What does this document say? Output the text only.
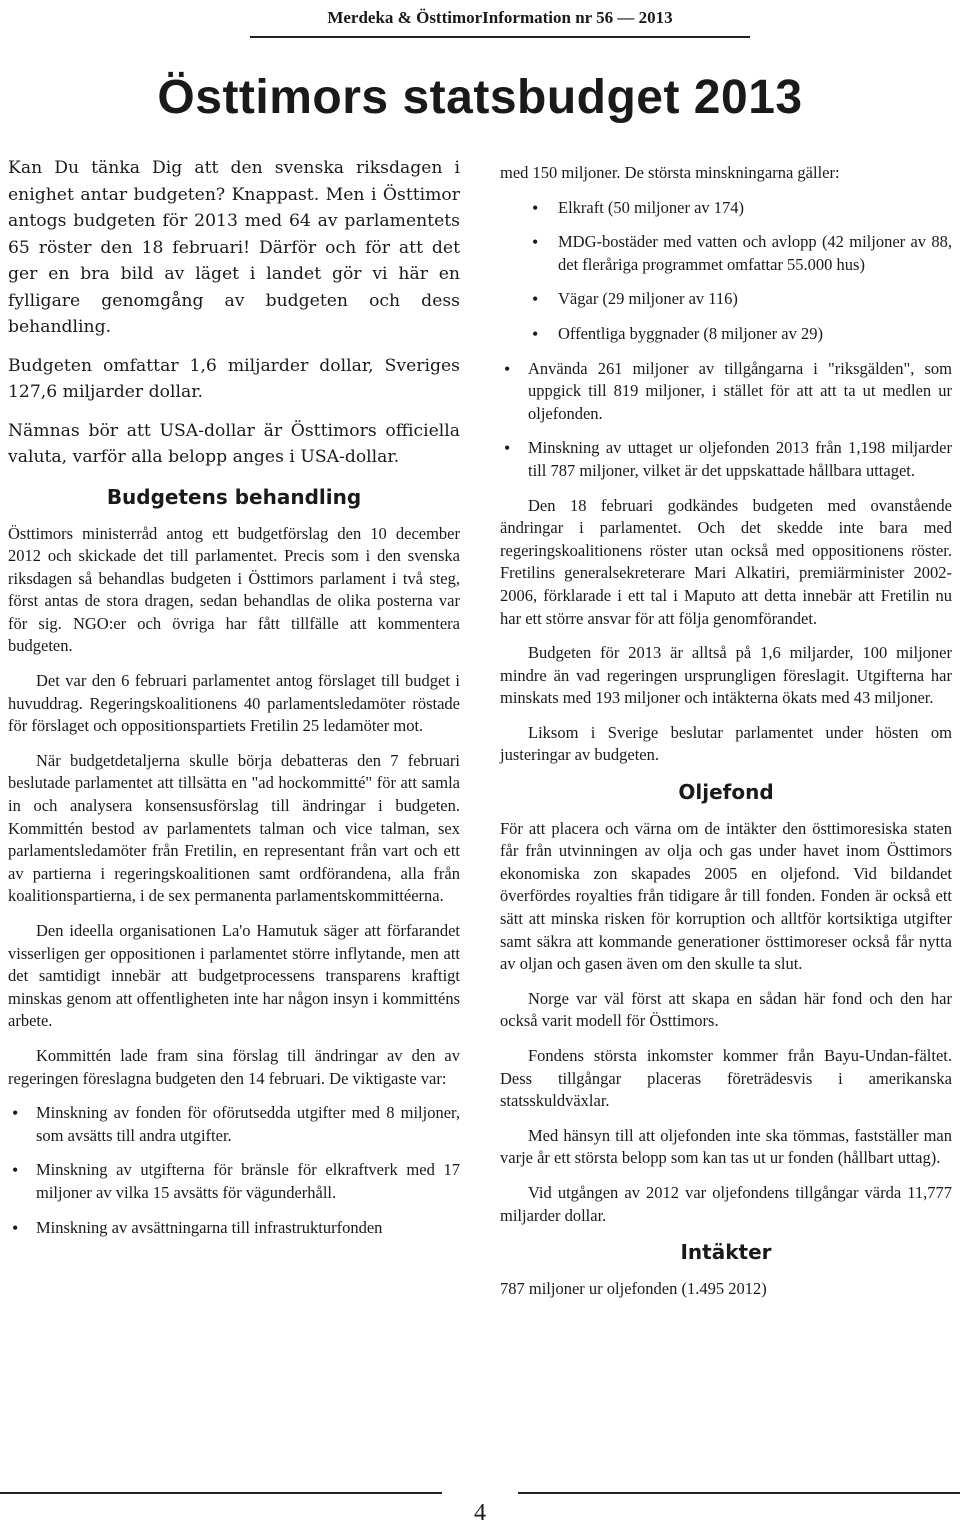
Merdeka & ÖsttimorInformation nr 56 — 2013
Östtimors statsbudget 2013

Kan Du tänka Dig att den svenska riksdagen i enighet antar budgeten? Knappast. Men i Östtimor antogs budgeten för 2013 med 64 av parlamentets 65 röster den 18 februari! Därför och för att det ger en bra bild av läget i landet gör vi här en fylligare genomgång av budgeten och dess behandling.

Budgeten omfattar 1,6 miljarder dollar, Sveriges 127,6 miljarder dollar.

Nämnas bör att USA-dollar är Östtimors officiella valuta, varför alla belopp anges i USA-dollar.

Budgetens behandling

Östtimors ministerråd antog ett budgetförslag den 10 december 2012 och skickade det till parlamentet. Precis som i den svenska riksdagen så behandlas budgeten i Östtimors parlament i två steg, först antas de stora dragen, sedan behandlas de olika posterna var för sig. NGO:er och övriga har fått tillfälle att kommentera budgeten.

Det var den 6 februari parlamentet antog förslaget till budget i huvuddrag. Regeringskoalitionens 40 parlamentsledamöter röstade för förslaget och oppositionspartiets Fretilin 25 ledamöter mot.

När budgetdetaljerna skulle börja debatteras den 7 februari beslutade parlamentet att tillsätta en "ad hockommitté" för att samla in och analysera konsensusförslag till ändringar i budgeten. Kommittén bestod av parlamentets talman och vice talman, sex parlamentsledamöter från Fretilin, en representant från vart och ett av partierna i regeringskoalitionen samt ordförandena, alla från koalitionspartierna, i de sex permanenta parlamentskommittéerna.

Den ideella organisationen La'o Hamutuk säger att förfarandet visserligen ger oppositionen i parlamentet större inflytande, men att det samtidigt innebär att budgetprocessens transparens kraftigt minskas genom att offentligheten inte har någon insyn i kommitténs arbete.

Kommittén lade fram sina förslag till ändringar av den av regeringen föreslagna budgeten den 14 februari. De viktigaste var:

• Minskning av fonden för oförutsedda utgifter med 8 miljoner, som avsätts till andra utgifter.
• Minskning av utgifterna för bränsle för elkraftverk med 17 miljoner av vilka 15 avsätts för vägunderhåll.
• Minskning av avsättningarna till infrastrukturfonden

med 150 miljoner. De största minskningarna gäller:

• Elkraft (50 miljoner av 174)
• MDG-bostäder med vatten och avlopp (42 miljoner av 88, det fleråriga programmet omfattar 55.000 hus)
• Vägar (29 miljoner av 116)
• Offentliga byggnader (8 miljoner av 29)
• Använda 261 miljoner av tillgångarna i "riksgälden", som uppgick till 819 miljoner, i stället för att att ta ut medlen ur oljefonden.
• Minskning av uttaget ur oljefonden 2013 från 1,198 miljarder till 787 miljoner, vilket är det uppskattade hållbara uttaget.

Den 18 februari godkändes budgeten med ovanstående ändringar i parlamentet. Och det skedde inte bara med regeringskoalitionens röster utan också med oppositionens röster. Fretilins generalsekreterare Mari Alkatiri, premiärminister 2002-2006, förklarade i ett tal i Maputo att detta innebär att Fretilin nu har ett större ansvar för att följa genomförandet.

Budgeten för 2013 är alltså på 1,6 miljarder, 100 miljoner mindre än vad regeringen ursprungligen föreslagit. Utgifterna har minskats med 193 miljoner och intäkterna ökats med 43 miljoner.

Liksom i Sverige beslutar parlamentet under hösten om justeringar av budgeten.

Oljefond

För att placera och värna om de intäkter den östtimoresiska staten får från utvinningen av olja och gas under havet inom Östtimors ekonomiska zon skapades 2005 en oljefond. Vid bildandet överfördes royalties från tidigare år till fonden. Fonden är också ett sätt att minska risken för korruption och alltför kortsiktiga utgifter samt säkra att kommande generationer östtimoreser också får nytta av oljan och gasen även om den skulle ta slut.

Norge var väl först att skapa en sådan här fond och den har också varit modell för Östtimors.

Fondens största inkomster kommer från Bayu-Undan-fältet. Dess tillgångar placeras företrädesvis i amerikanska statsskuldväxlar.

Med hänsyn till att oljefonden inte ska tömmas, fastställer man varje år ett största belopp som kan tas ut ur fonden (hållbart uttag).

Vid utgången av 2012 var oljefondens tillgångar värda 11,777 miljarder dollar.

Intäkter

787 miljoner ur oljefonden (1.495 2012)

4
